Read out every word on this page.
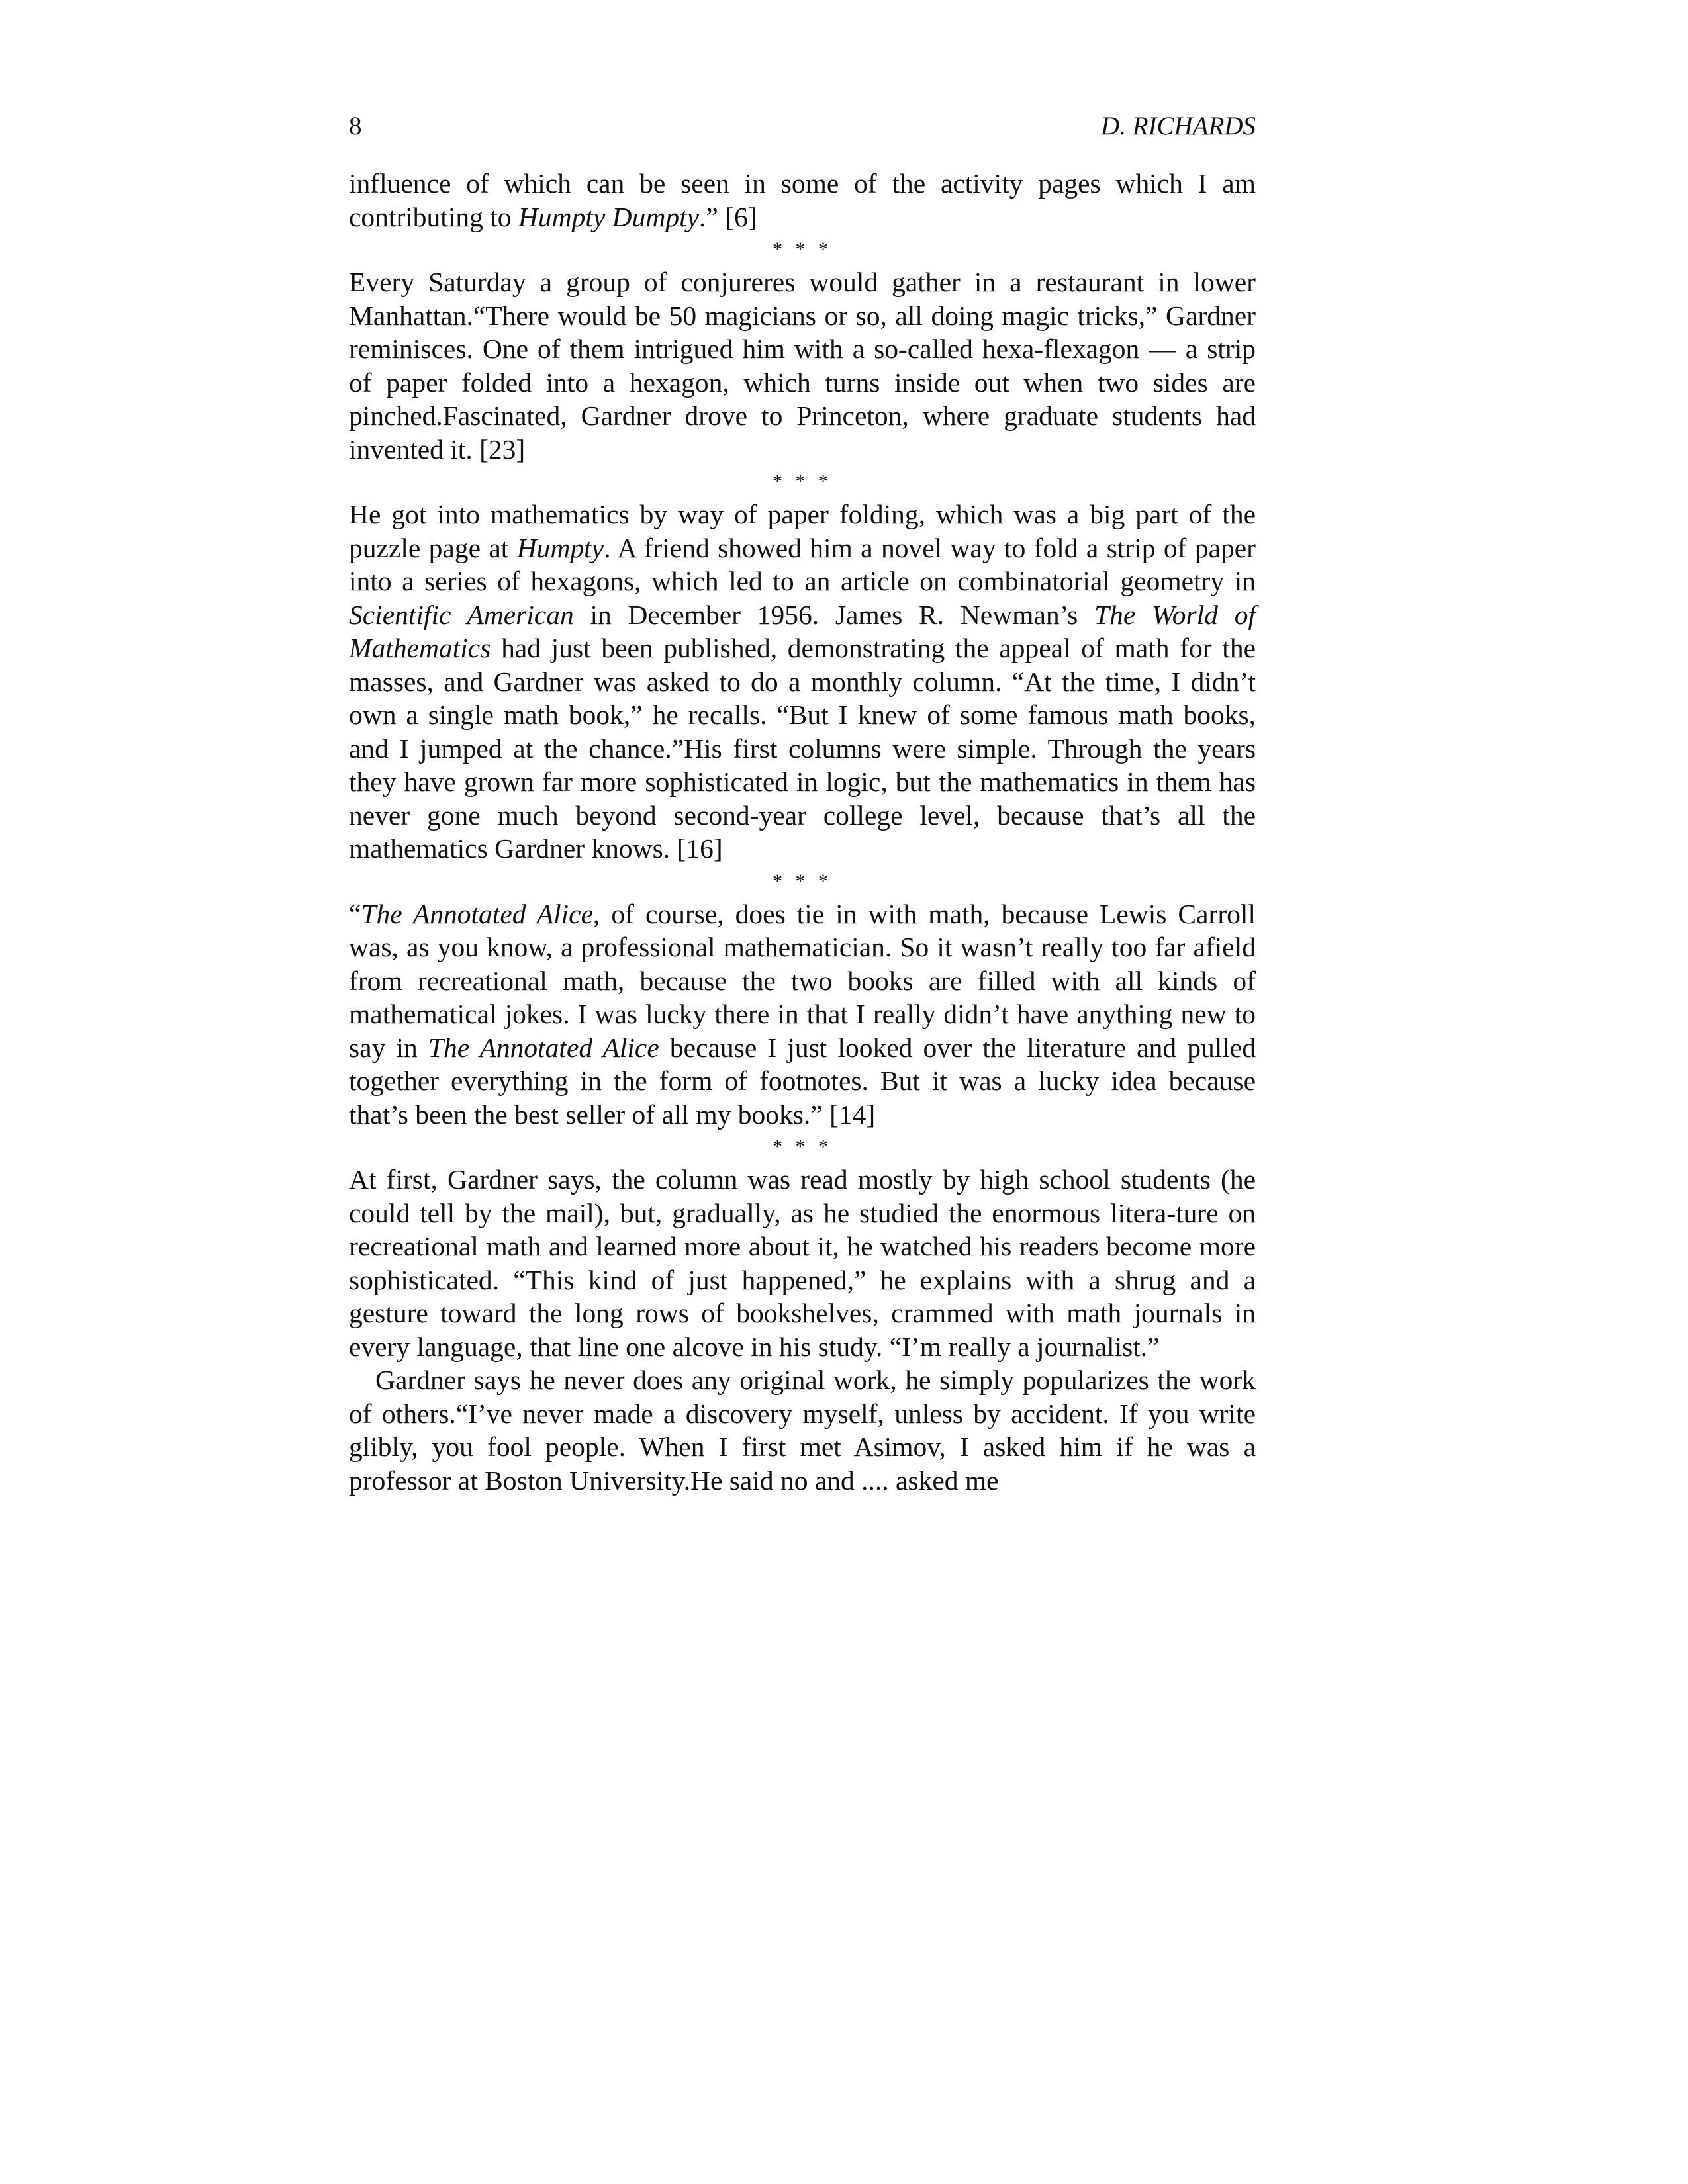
8	D. RICHARDS

influence of which can be seen in some of the activity pages which I am contributing to Humpty Dumpty.” [6]

* * *

Every Saturday a group of conjureres would gather in a restaurant in lower Manhattan.“There would be 50 magicians or so, all doing magic tricks,” Gardner reminisces. One of them intrigued him with a so-called hexa-flexagon — a strip of paper folded into a hexagon, which turns inside out when two sides are pinched.Fascinated, Gardner drove to Princeton, where graduate students had invented it. [23]

* * *

He got into mathematics by way of paper folding, which was a big part of the puzzle page at Humpty. A friend showed him a novel way to fold a strip of paper into a series of hexagons, which led to an article on combinatorial geometry in Scientific American in December 1956. James R. Newman’s The World of Mathematics had just been published, demonstrating the appeal of math for the masses, and Gardner was asked to do a monthly column. “At the time, I didn’t own a single math book,” he recalls. “But I knew of some famous math books, and I jumped at the chance.”His first columns were simple. Through the years they have grown far more sophisticated in logic, but the mathematics in them has never gone much beyond second-year college level, because that’s all the mathematics Gardner knows. [16]

* * *

“The Annotated Alice, of course, does tie in with math, because Lewis Carroll was, as you know, a professional mathematician. So it wasn’t really too far afield from recreational math, because the two books are filled with all kinds of mathematical jokes. I was lucky there in that I really didn’t have anything new to say in The Annotated Alice because I just looked over the literature and pulled together everything in the form of footnotes. But it was a lucky idea because that’s been the best seller of all my books.” [14]

* * *

At first, Gardner says, the column was read mostly by high school students (he could tell by the mail), but, gradually, as he studied the enormous litera-ture on recreational math and learned more about it, he watched his readers become more sophisticated. “This kind of just happened,” he explains with a shrug and a gesture toward the long rows of bookshelves, crammed with math journals in every language, that line one alcove in his study. “I’m really a journalist.”

Gardner says he never does any original work, he simply popularizes the work of others.“I’ve never made a discovery myself, unless by accident. If you write glibly, you fool people. When I first met Asimov, I asked him if he was a professor at Boston University.He said no and .... asked me
